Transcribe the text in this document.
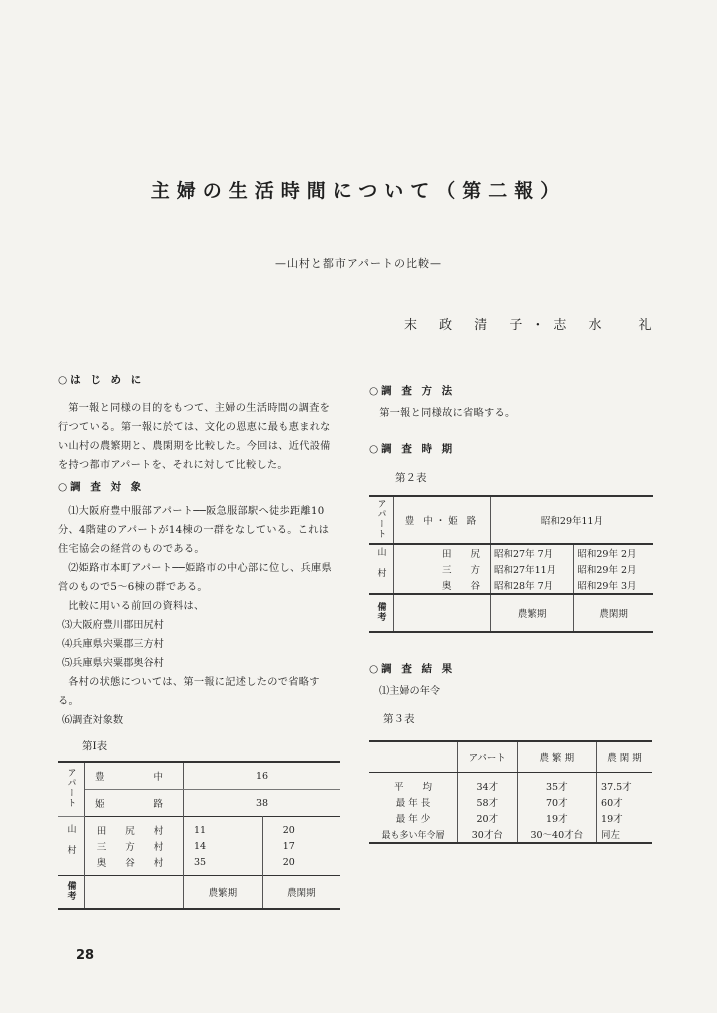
主婦の生活時間について（第二報）
—山村と都市アパートの比較—
末 政 清 子・志 水 礼

○は じ め に

第一報と同様の目的をもつて、主婦の生活時間の調査を行つている。第一報に於ては、文化の恩恵に最も恵まれない山村の農繁期と、農閑期を比較した。今回は、近代設備を持つ都市アパートを、それに対して比較した。

○調 査 対 象

⑴大阪府豊中服部アパート──阪急服部駅へ徒歩距離10分、4階建のアパートが14棟の一群をなしている。これは住宅協会の経営のものである。

⑵姫路市本町アパート──姫路市の中心部に位し、兵庫県営のもので5〜6棟の群である。

比較に用いる前回の資料は、

⑶大阪府豊川郡田尻村

⑷兵庫県宍粟郡三方村

⑸兵庫県宍粟郡奥谷村

各村の状態については、第一報に記述したので省略する。

⑹調査対象数

第Ⅰ表

アパート	豊　　中	16	
	姫　　路	38	
山村	田 尻 村	11	20
	三 方 村	14	17
	奥 谷 村	35	20
備考		農繁期	農閑期

○調 査 方 法

第一報と同様故に省略する。

○調 査 時 期

第２表

アパート	豊 中・姫 路	昭和29年11月	
山村	田　　尻	昭和27年 7月	昭和29年 2月
	三　　方	昭和27年11月	昭和29年 2月
	奥　　谷	昭和28年 7月	昭和29年 3月
備考		農繁期	農閑期

○調 査 結 果

⑴主婦の年令

第３表

	アパート	農 繁 期	農 閑 期
平　　均	34才	35才	37.5才
最 年 長	58才	70才	60才
最 年 少	20才	19才	19才
最も多い年令層	30才台	30〜40才台	同左
28
